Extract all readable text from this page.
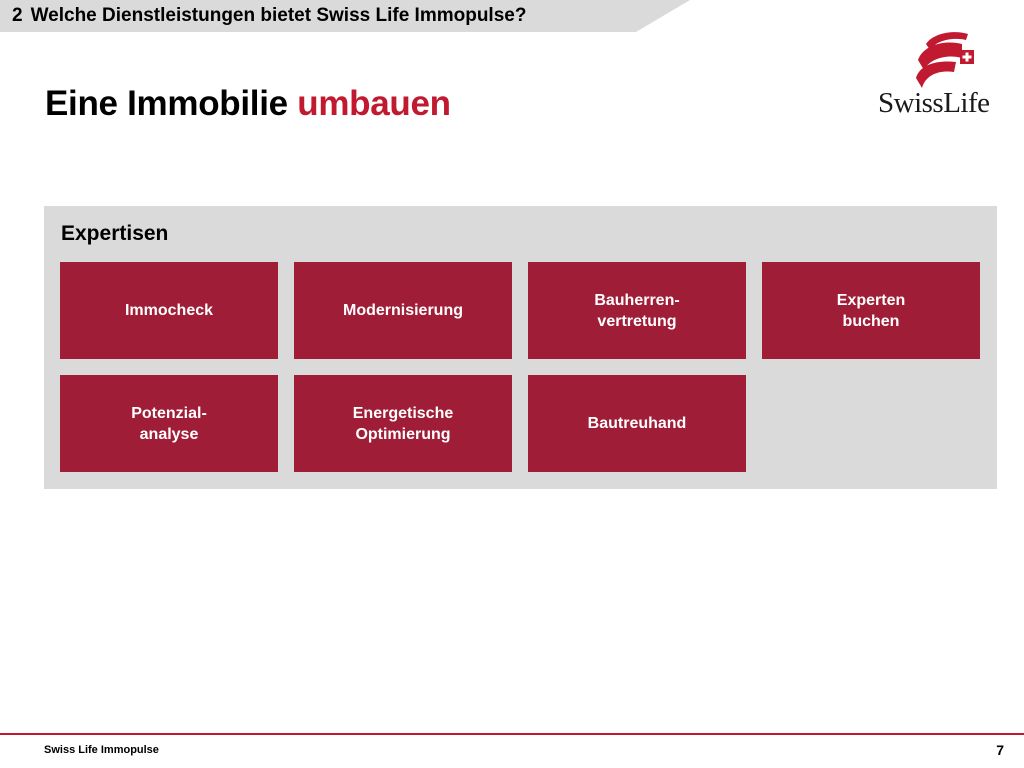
2 Welche Dienstleistungen bietet Swiss Life Immopulse?
Eine Immobilie umbauen	SwissLife
Expertisen
Immocheck	Modernisierung
Bauherren-
vertretung
Experten
buchen
Potenzial-
analyse
Energetische
Optimierung
Bautreuhand
Swiss Life Immopulse	7
